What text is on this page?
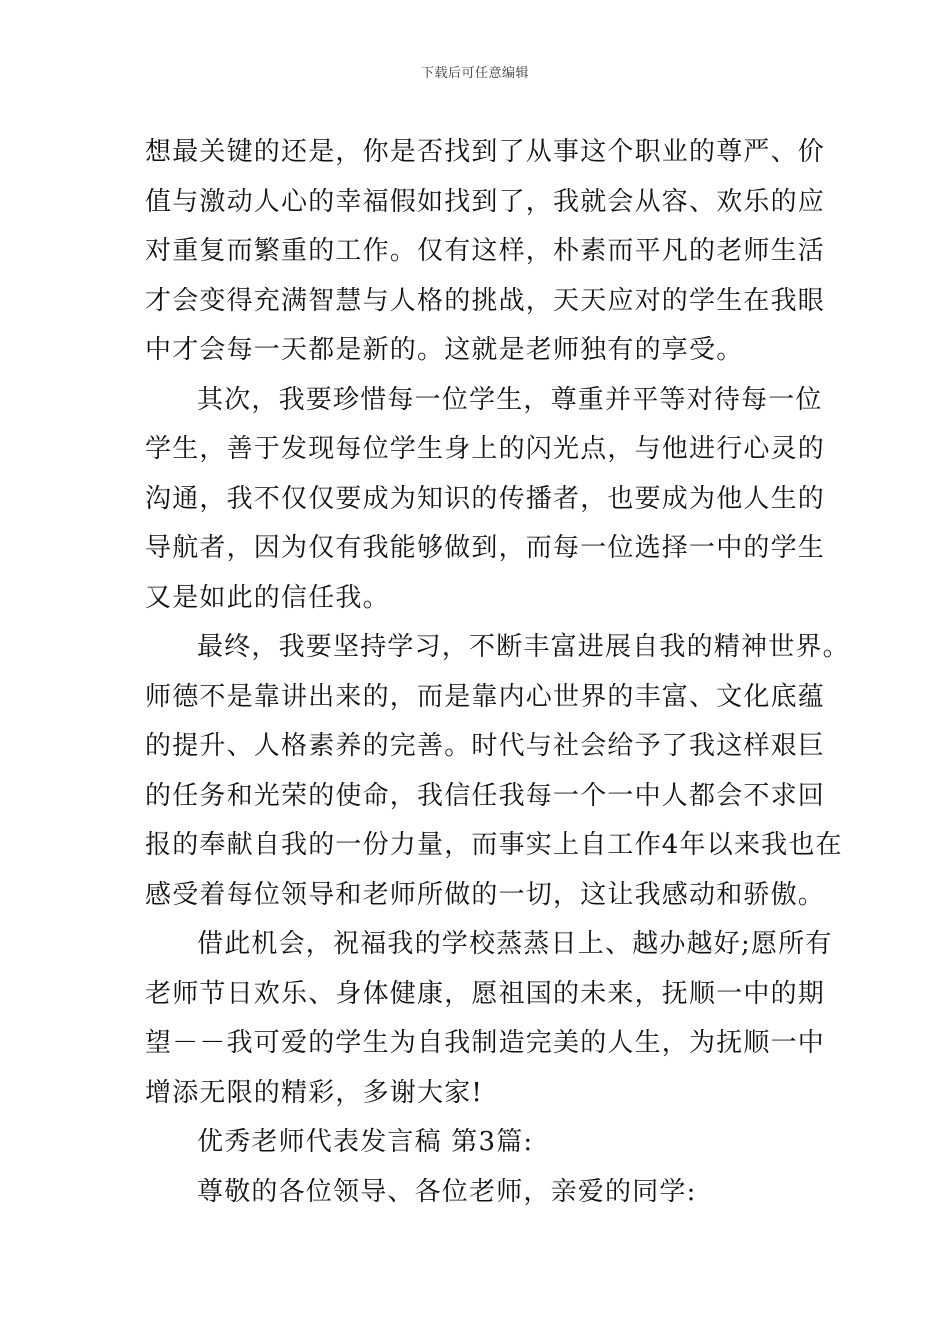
下载后可任意编辑
想最关键的还是，你是否找到了从事这个职业的尊严、价
值与激动人心的幸福假如找到了，我就会从容、欢乐的应
对重复而繁重的工作。仅有这样，朴素而平凡的老师生活
才会变得充满智慧与人格的挑战，天天应对的学生在我眼
中才会每一天都是新的。这就是老师独有的享受。
其次，我要珍惜每一位学生，尊重并平等对待每一位
学生，善于发现每位学生身上的闪光点，与他进行心灵的
沟通，我不仅仅要成为知识的传播者，也要成为他人生的
导航者，因为仅有我能够做到，而每一位选择一中的学生
又是如此的信任我。
最终，我要坚持学习，不断丰富进展自我的精神世界。
师德不是靠讲出来的，而是靠内心世界的丰富、文化底蕴
的提升、人格素养的完善。时代与社会给予了我这样艰巨
的任务和光荣的使命，我信任我每一个一中人都会不求回
报的奉献自我的一份力量，而事实上自工作4年以来我也在
感受着每位领导和老师所做的一切，这让我感动和骄傲。
借此机会，祝福我的学校蒸蒸日上、越办越好;愿所有
老师节日欢乐、身体健康，愿祖国的未来，抚顺一中的期
望－－我可爱的学生为自我制造完美的人生，为抚顺一中
增添无限的精彩，多谢大家!
优秀老师代表发言稿 第3篇:
尊敬的各位领导、各位老师，亲爱的同学:
